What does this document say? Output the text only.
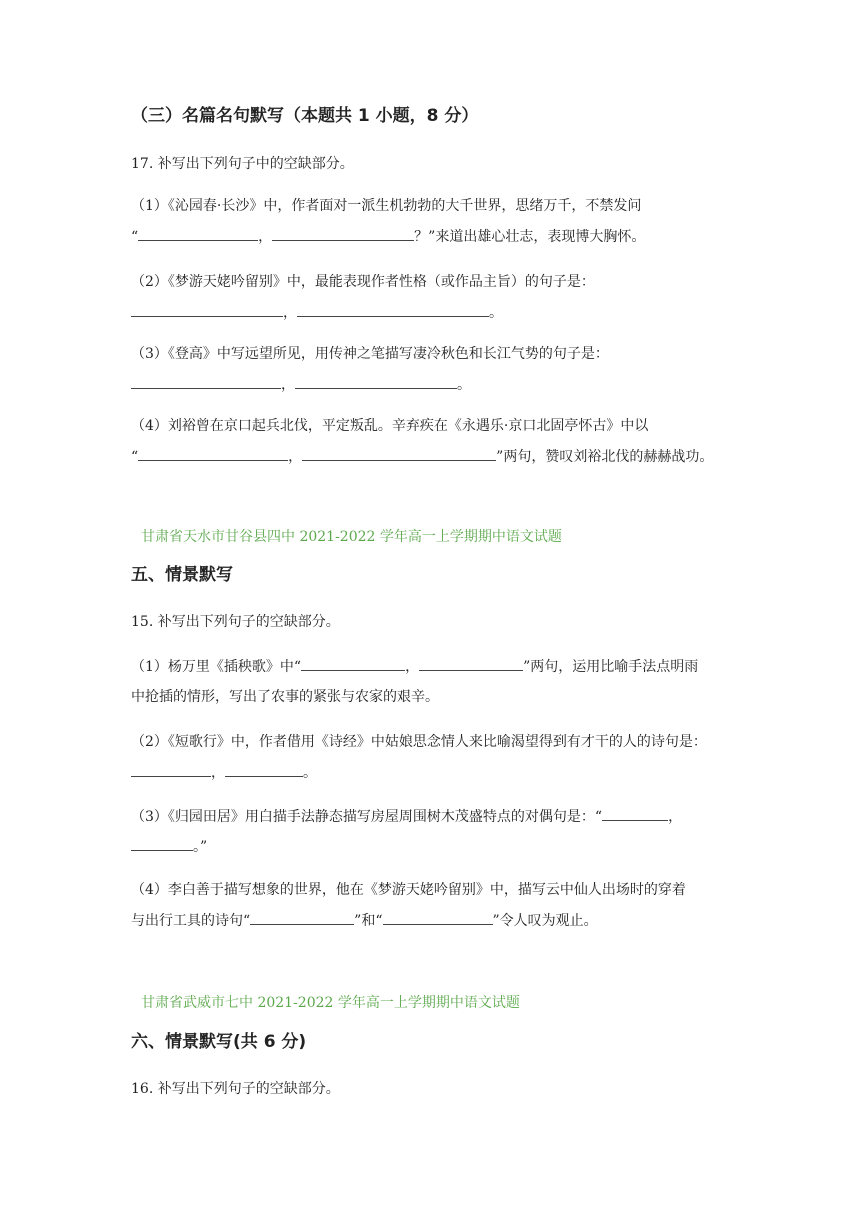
（三）名篇名句默写（本题共 1 小题，8 分）
17. 补写出下列句子中的空缺部分。
（1）《沁园春·长沙》中，作者面对一派生机勃勃的大千世界，思绪万千，不禁发问
“	，	？”来道出雄心壮志，表现博大胸怀。
（2）《梦游天姥吟留别》中，最能表现作者性格（或作品主旨）的句子是：
，	。
（3）《登高》中写远望所见，用传神之笔描写凄冷秋色和长江气势的句子是：
，	。
（4）刘裕曾在京口起兵北伐，平定叛乱。辛弃疾在《永遇乐·京口北固亭怀古》中以
“	，	”两句，赞叹刘裕北伐的赫赫战功。
甘肃省天水市甘谷县四中 2021-2022 学年高一上学期期中语文试题
五、情景默写
15. 补写出下列句子的空缺部分。
（1）杨万里《插秧歌》中“	，	”两句，运用比喻手法点明雨
中抢插的情形，写出了农事的紧张与农家的艰辛。
（2）《短歌行》中，作者借用《诗经》中姑娘思念情人来比喻渴望得到有才干的人的诗句是：
，	。
（3）《归园田居》用白描手法静态描写房屋周围树木茂盛特点的对偶句是：“	，
。”
（4）李白善于描写想象的世界，他在《梦游天姥吟留别》中，描写云中仙人出场时的穿着
与出行工具的诗句“	”和“	”令人叹为观止。
甘肃省武威市七中 2021-2022 学年高一上学期期中语文试题
六、情景默写(共 6 分)
16. 补写出下列句子的空缺部分。
